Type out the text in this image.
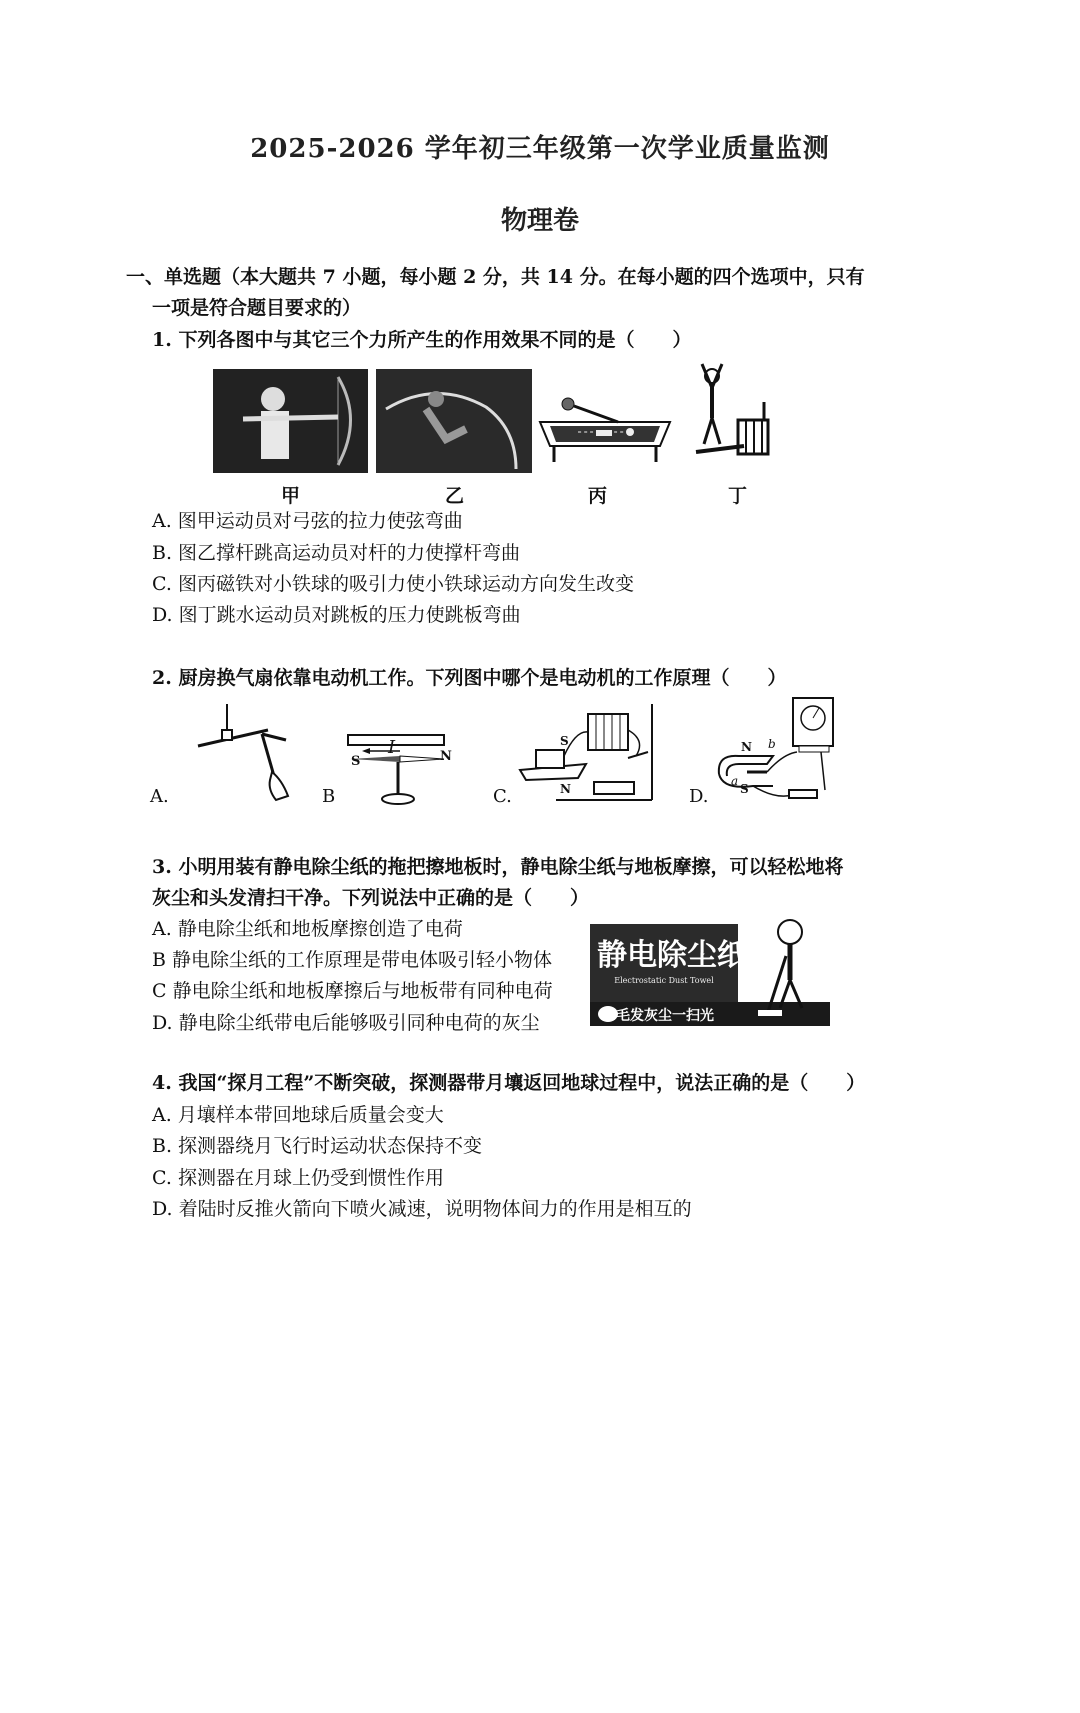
2025-2026 学年初三年级第一次学业质量监测
物理卷
一、单选题（本大题共 7 小题，每小题 2 分，共 14 分。在每小题的四个选项中，只有
一项是符合题目要求的）
1. 下列各图中与其它三个力所产生的作用效果不同的是（　　）
甲	乙	丙	丁
A. 图甲运动员对弓弦的拉力使弦弯曲
B. 图乙撑杆跳高运动员对杆的力使撑杆弯曲
C. 图丙磁铁对小铁球的吸引力使小铁球运动方向发生改变
D. 图丁跳水运动员对跳板的压力使跳板弯曲
2. 厨房换气扇依靠电动机工作。下列图中哪个是电动机的工作原理（　　）
A.
I
S	N
B
S
N
C.
N
S
a
b
D.
3. 小明用装有静电除尘纸的拖把擦地板时，静电除尘纸与地板摩擦，可以轻松地将
灰尘和头发清扫干净。下列说法中正确的是（　　）
A. 静电除尘纸和地板摩擦创造了电荷
B 静电除尘纸的工作原理是带电体吸引轻小物体
C 静电除尘纸和地板摩擦后与地板带有同种电荷
D. 静电除尘纸带电后能够吸引同种电荷的灰尘
静电除尘纸
Electrostatic Dust Towel
毛发灰尘一扫光
4. 我国“探月工程”不断突破，探测器带月壤返回地球过程中，说法正确的是（　　）
A. 月壤样本带回地球后质量会变大
B. 探测器绕月飞行时运动状态保持不变
C. 探测器在月球上仍受到惯性作用
D. 着陆时反推火箭向下喷火减速，说明物体间力的作用是相互的
